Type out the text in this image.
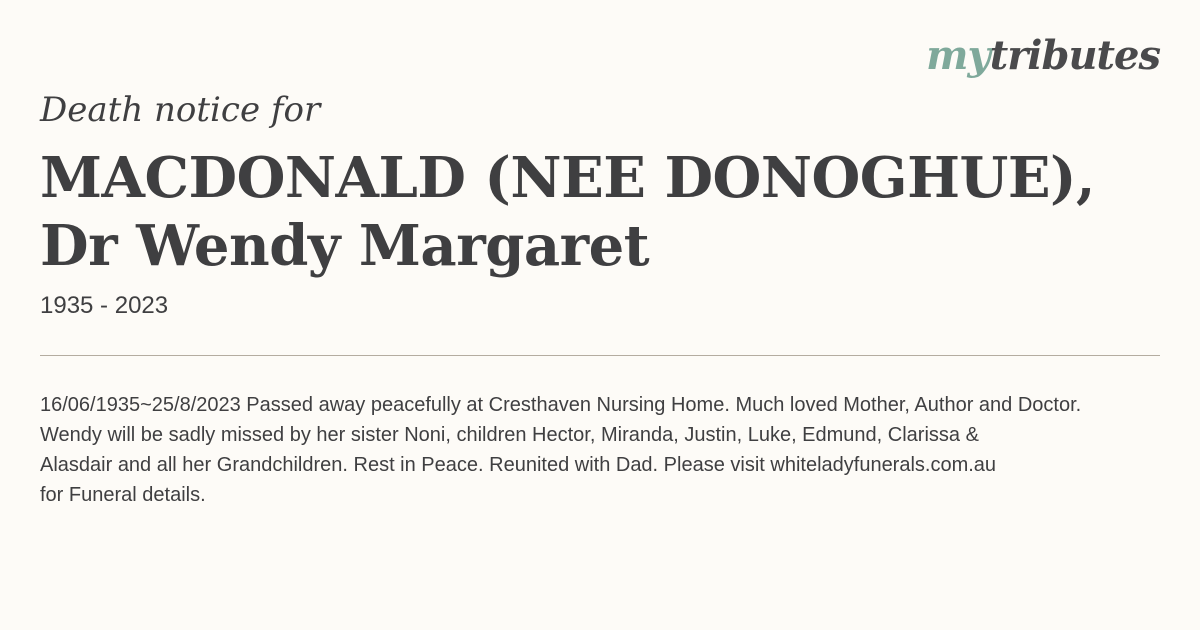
mytributes
Death notice for
MACDONALD (NEE DONOGHUE),
Dr Wendy Margaret
1935 - 2023
16/06/1935~25/8/2023 Passed away peacefully at Cresthaven Nursing Home. Much loved Mother, Author and Doctor.
Wendy will be sadly missed by her sister Noni, children Hector, Miranda, Justin, Luke, Edmund, Clarissa &
Alasdair and all her Grandchildren. Rest in Peace. Reunited with Dad. Please visit whiteladyfunerals.com.au
for Funeral details.
